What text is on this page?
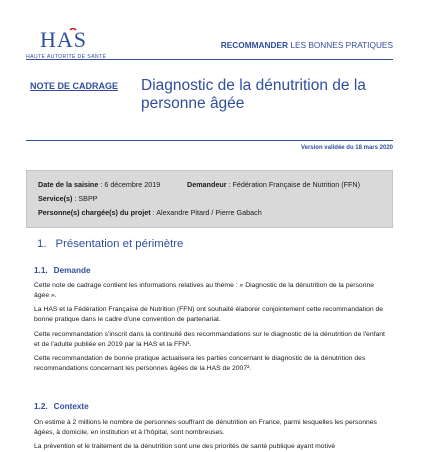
HAS
HAUTE AUTORITÉ DE SANTÉ
RECOMMANDER LES BONNES PRATIQUES
NOTE DE CADRAGE Diagnostic de la dénutrition de la personne âgée
Version validée du 18 mars 2020
Date de la saisine : 6 décembre 2019	Demandeur : Fédération Française de Nutrition (FFN)
Service(s) : SBPP
Personne(s) chargée(s) du projet : Alexandre Pitard / Pierre Gabach
1. Présentation et périmètre
1.1. Demande
Cette note de cadrage contient les informations relatives au thème : « Diagnostic de la dénutrition de la personne âgée ».
La HAS et la Fédération Française de Nutrition (FFN) ont souhaité élaborer conjointement cette recommandation de bonne pratique dans le cadre d'une convention de partenariat.
Cette recommandation s'inscrit dans la continuité des recommandations sur le diagnostic de la dénutrition de l'enfant et de l'adulte publiée en 2019 par la HAS et la FFN¹.
Cette recommandation de bonne pratique actualisera les parties concernant le diagnostic de la dénutrition des recommandations concernant les personnes âgées de la HAS de 2007².
1.2. Contexte
On estime à 2 millions le nombre de personnes souffrant de dénutrition en France, parmi lesquelles les personnes âgées, à domicile, en institution et à l'hôpital, sont nombreuses.
La prévention et le traitement de la dénutrition sont une des priorités de santé publique ayant motivé
